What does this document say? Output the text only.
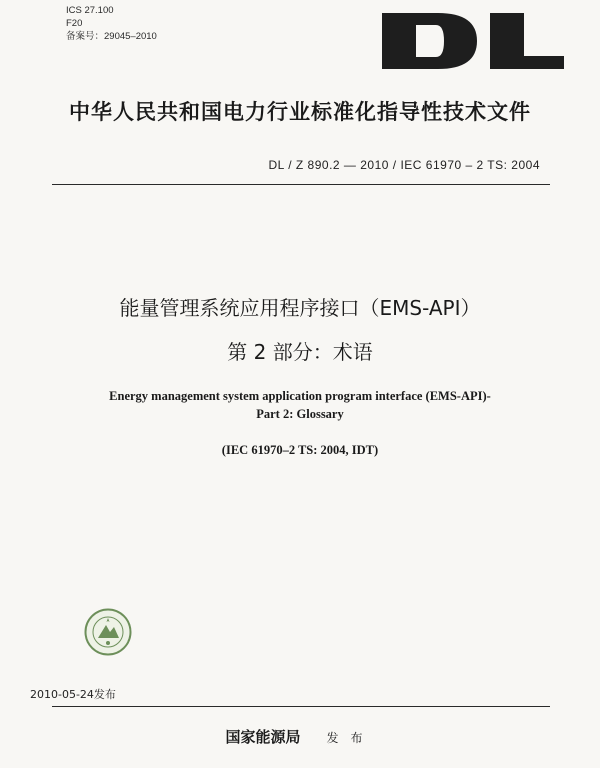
ICS 27.100
F20
备案号：29045–2010
中华人民共和国电力行业标准化指导性技术文件
DL / Z 890.2 — 2010 / IEC 61970 – 2 TS: 2004
能量管理系统应用程序接口（EMS-API）
第 2 部分：术语
Energy management system application program interface (EMS-API)-
Part 2: Glossary
(IEC 61970–2 TS: 2004, IDT)
2010-05-24发布
国家能源局 发布
